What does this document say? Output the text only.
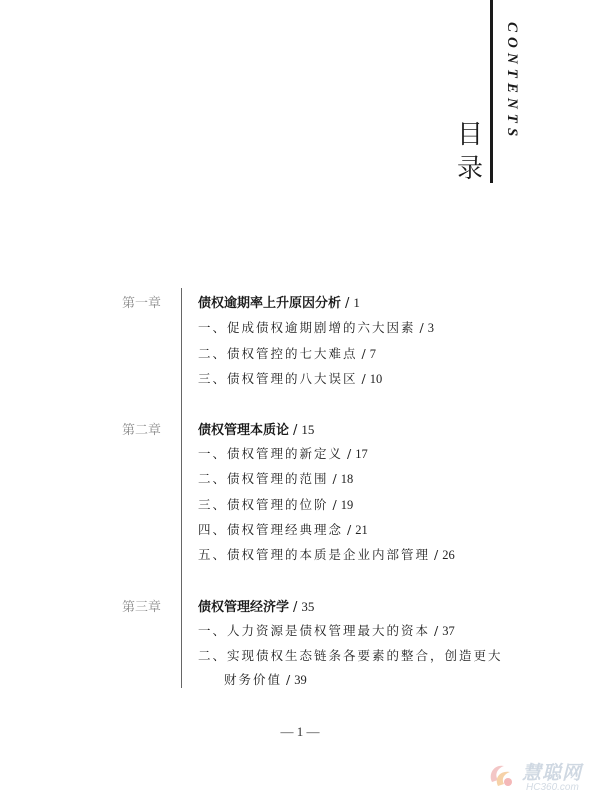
CONTENTS
目录
第一章	债权逾期率上升原因分析 / 1
一、促成债权逾期剧增的六大因素 / 3
二、债权管控的七大难点 / 7
三、债权管理的八大误区 / 10
第二章	债权管理本质论 / 15
一、债权管理的新定义 / 17
二、债权管理的范围 / 18
三、债权管理的位阶 / 19
四、债权管理经典理念 / 21
五、债权管理的本质是企业内部管理 / 26
第三章	债权管理经济学 / 35
一、人力资源是债权管理最大的资本 / 37
二、实现债权生态链条各要素的整合，创造更大
财务价值 / 39
— 1 —
慧聪网
HC360.com
